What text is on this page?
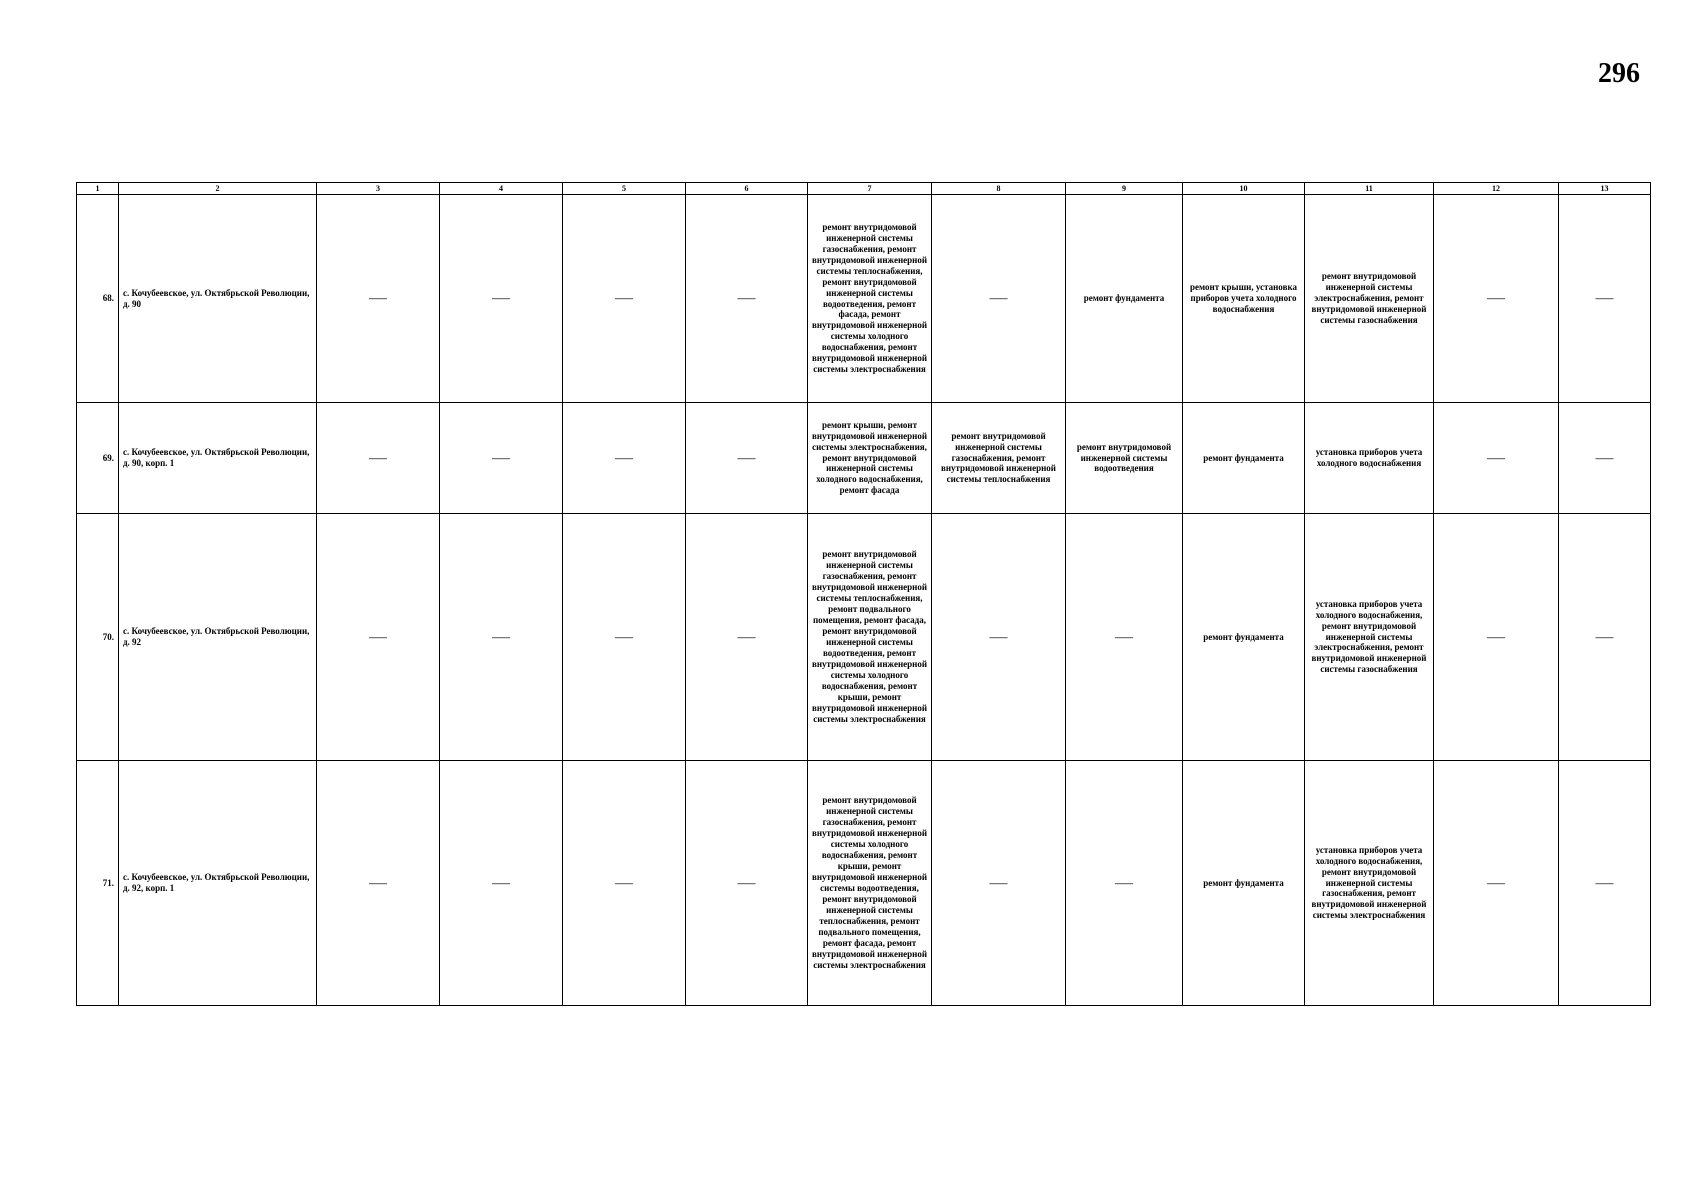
296
1	2	3	4	5	6	7	8	9	10	11	12	13
68.	с. Кочубеевское, ул. Октябрьской Революции, д. 90	——	——	——	——	ремонт внутридомовой инженерной системы газоснабжения, ремонт внутридомовой инженерной системы теплоснабжения, ремонт внутридомовой инженерной системы водоотведения, ремонт фасада, ремонт внутридомовой инженерной системы холодного водоснабжения, ремонт внутридомовой инженерной системы электроснабжения	——	ремонт фундамента	ремонт крыши, установка приборов учета холодного водоснабжения	ремонт внутридомовой инженерной системы электроснабжения, ремонт внутридомовой инженерной системы газоснабжения	——	——
69.	с. Кочубеевское, ул. Октябрьской Революции, д. 90, корп. 1	——	——	——	——	ремонт крыши, ремонт внутридомовой инженерной системы электроснабжения, ремонт внутридомовой инженерной системы холодного водоснабжения, ремонт фасада	ремонт внутридомовой инженерной системы газоснабжения, ремонт внутридомовой инженерной системы теплоснабжения	ремонт внутридомовой инженерной системы водоотведения	ремонт фундамента	установка приборов учета холодного водоснабжения	——	——
70.	с. Кочубеевское, ул. Октябрьской Революции, д. 92	——	——	——	——	ремонт внутридомовой инженерной системы газоснабжения, ремонт внутридомовой инженерной системы теплоснабжения, ремонт подвального помещения, ремонт фасада, ремонт внутридомовой инженерной системы водоотведения, ремонт внутридомовой инженерной системы холодного водоснабжения, ремонт крыши, ремонт внутридомовой инженерной системы электроснабжения	——	——	ремонт фундамента	установка приборов учета холодного водоснабжения, ремонт внутридомовой инженерной системы электроснабжения, ремонт внутридомовой инженерной системы газоснабжения	——	——
71.	с. Кочубеевское, ул. Октябрьской Революции, д. 92, корп. 1	——	——	——	——	ремонт внутридомовой инженерной системы газоснабжения, ремонт внутридомовой инженерной системы холодного водоснабжения, ремонт крыши, ремонт внутридомовой инженерной системы водоотведения, ремонт внутридомовой инженерной системы теплоснабжения, ремонт подвального помещения, ремонт фасада, ремонт внутридомовой инженерной системы электроснабжения	——	——	ремонт фундамента	установка приборов учета холодного водоснабжения, ремонт внутридомовой инженерной системы газоснабжения, ремонт внутридомовой инженерной системы электроснабжения	——	——
